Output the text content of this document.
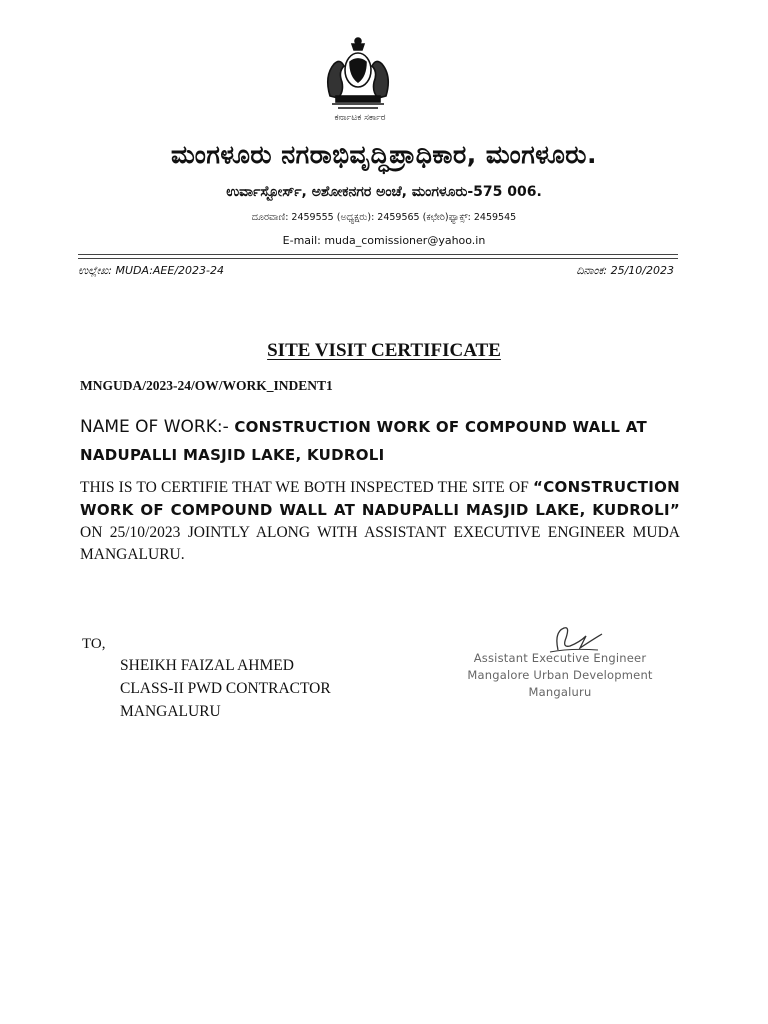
ಕರ್ನಾಟಕ ಸರ್ಕಾರ
ಮಂಗಳೂರು ನಗರಾಭಿವೃದ್ಧಿಪ್ರಾಧಿಕಾರ, ಮಂಗಳೂರು.
ಉರ್ವಾಸ್ಟೋರ್ಸ್, ಅಶೋಕನಗರ ಅಂಚೆ, ಮಂಗಳೂರು-575 006.
ದೂರವಾಣಿ: 2459555 (ಅಧ್ಯಕ್ಷರು): 2459565 (ಕಛೇರಿ)ಫ್ಯಾಕ್ಸ್: 2459545
E-mail: muda_comissioner@yahoo.in
ಉಲ್ಲೇಖ: MUDA:AEE/2023-24	ದಿನಾಂಕ: 25/10/2023
SITE VISIT CERTIFICATE
MNGUDA/2023-24/OW/WORK_INDENT1
NAME OF WORK:- CONSTRUCTION WORK OF COMPOUND WALL AT NADUPALLI MASJID LAKE, KUDROLI
THIS IS TO CERTIFIE THAT WE BOTH INSPECTED THE SITE OF “CONSTRUCTION WORK OF COMPOUND WALL AT NADUPALLI MASJID LAKE, KUDROLI” ON 25/10/2023 JOINTLY ALONG WITH ASSISTANT EXECUTIVE ENGINEER MUDA MANGALURU.
TO,
SHEIKH FAIZAL AHMED
CLASS-II PWD CONTRACTOR
MANGALURU
Assistant Executive Engineer
Mangalore Urban Development
Mangaluru
